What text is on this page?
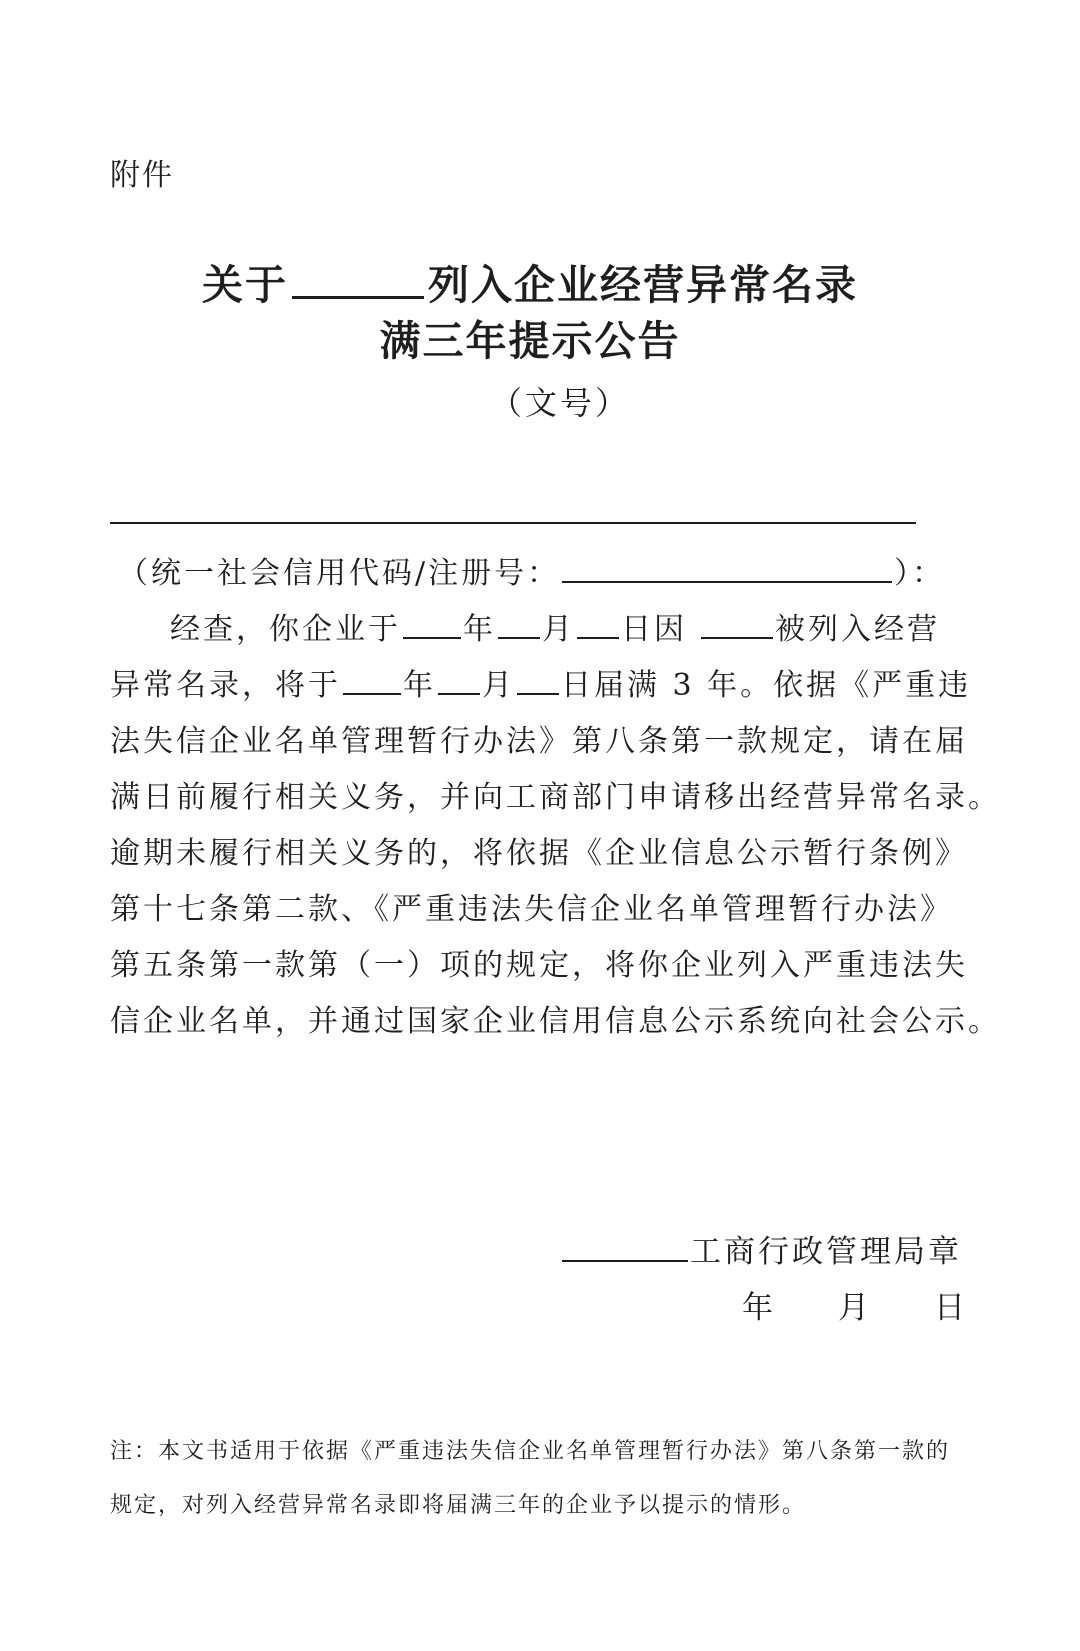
附件
关于	列入企业经营异常名录
满三年提示公告
（文号）
（统一社会信用代码/注册号：	）：
经查，你企业于 年 月 日因	被列入经营
异常名录，将于 年 月 日届满 3 年。依据《严重违
法失信企业名单管理暂行办法》第八条第一款规定，请在届
满日前履行相关义务，并向工商部门申请移出经营异常名录。
逾期未履行相关义务的，将依据《企业信息公示暂行条例》
第十七条第二款、《严重违法失信企业名单管理暂行办法》
第五条第一款第（一）项的规定，将你企业列入严重违法失
信企业名单，并通过国家企业信用信息公示系统向社会公示。
工商行政管理局章
年 月 日
注：本文书适用于依据《严重违法失信企业名单管理暂行办法》第八条第一款的
规定，对列入经营异常名录即将届满三年的企业予以提示的情形。
